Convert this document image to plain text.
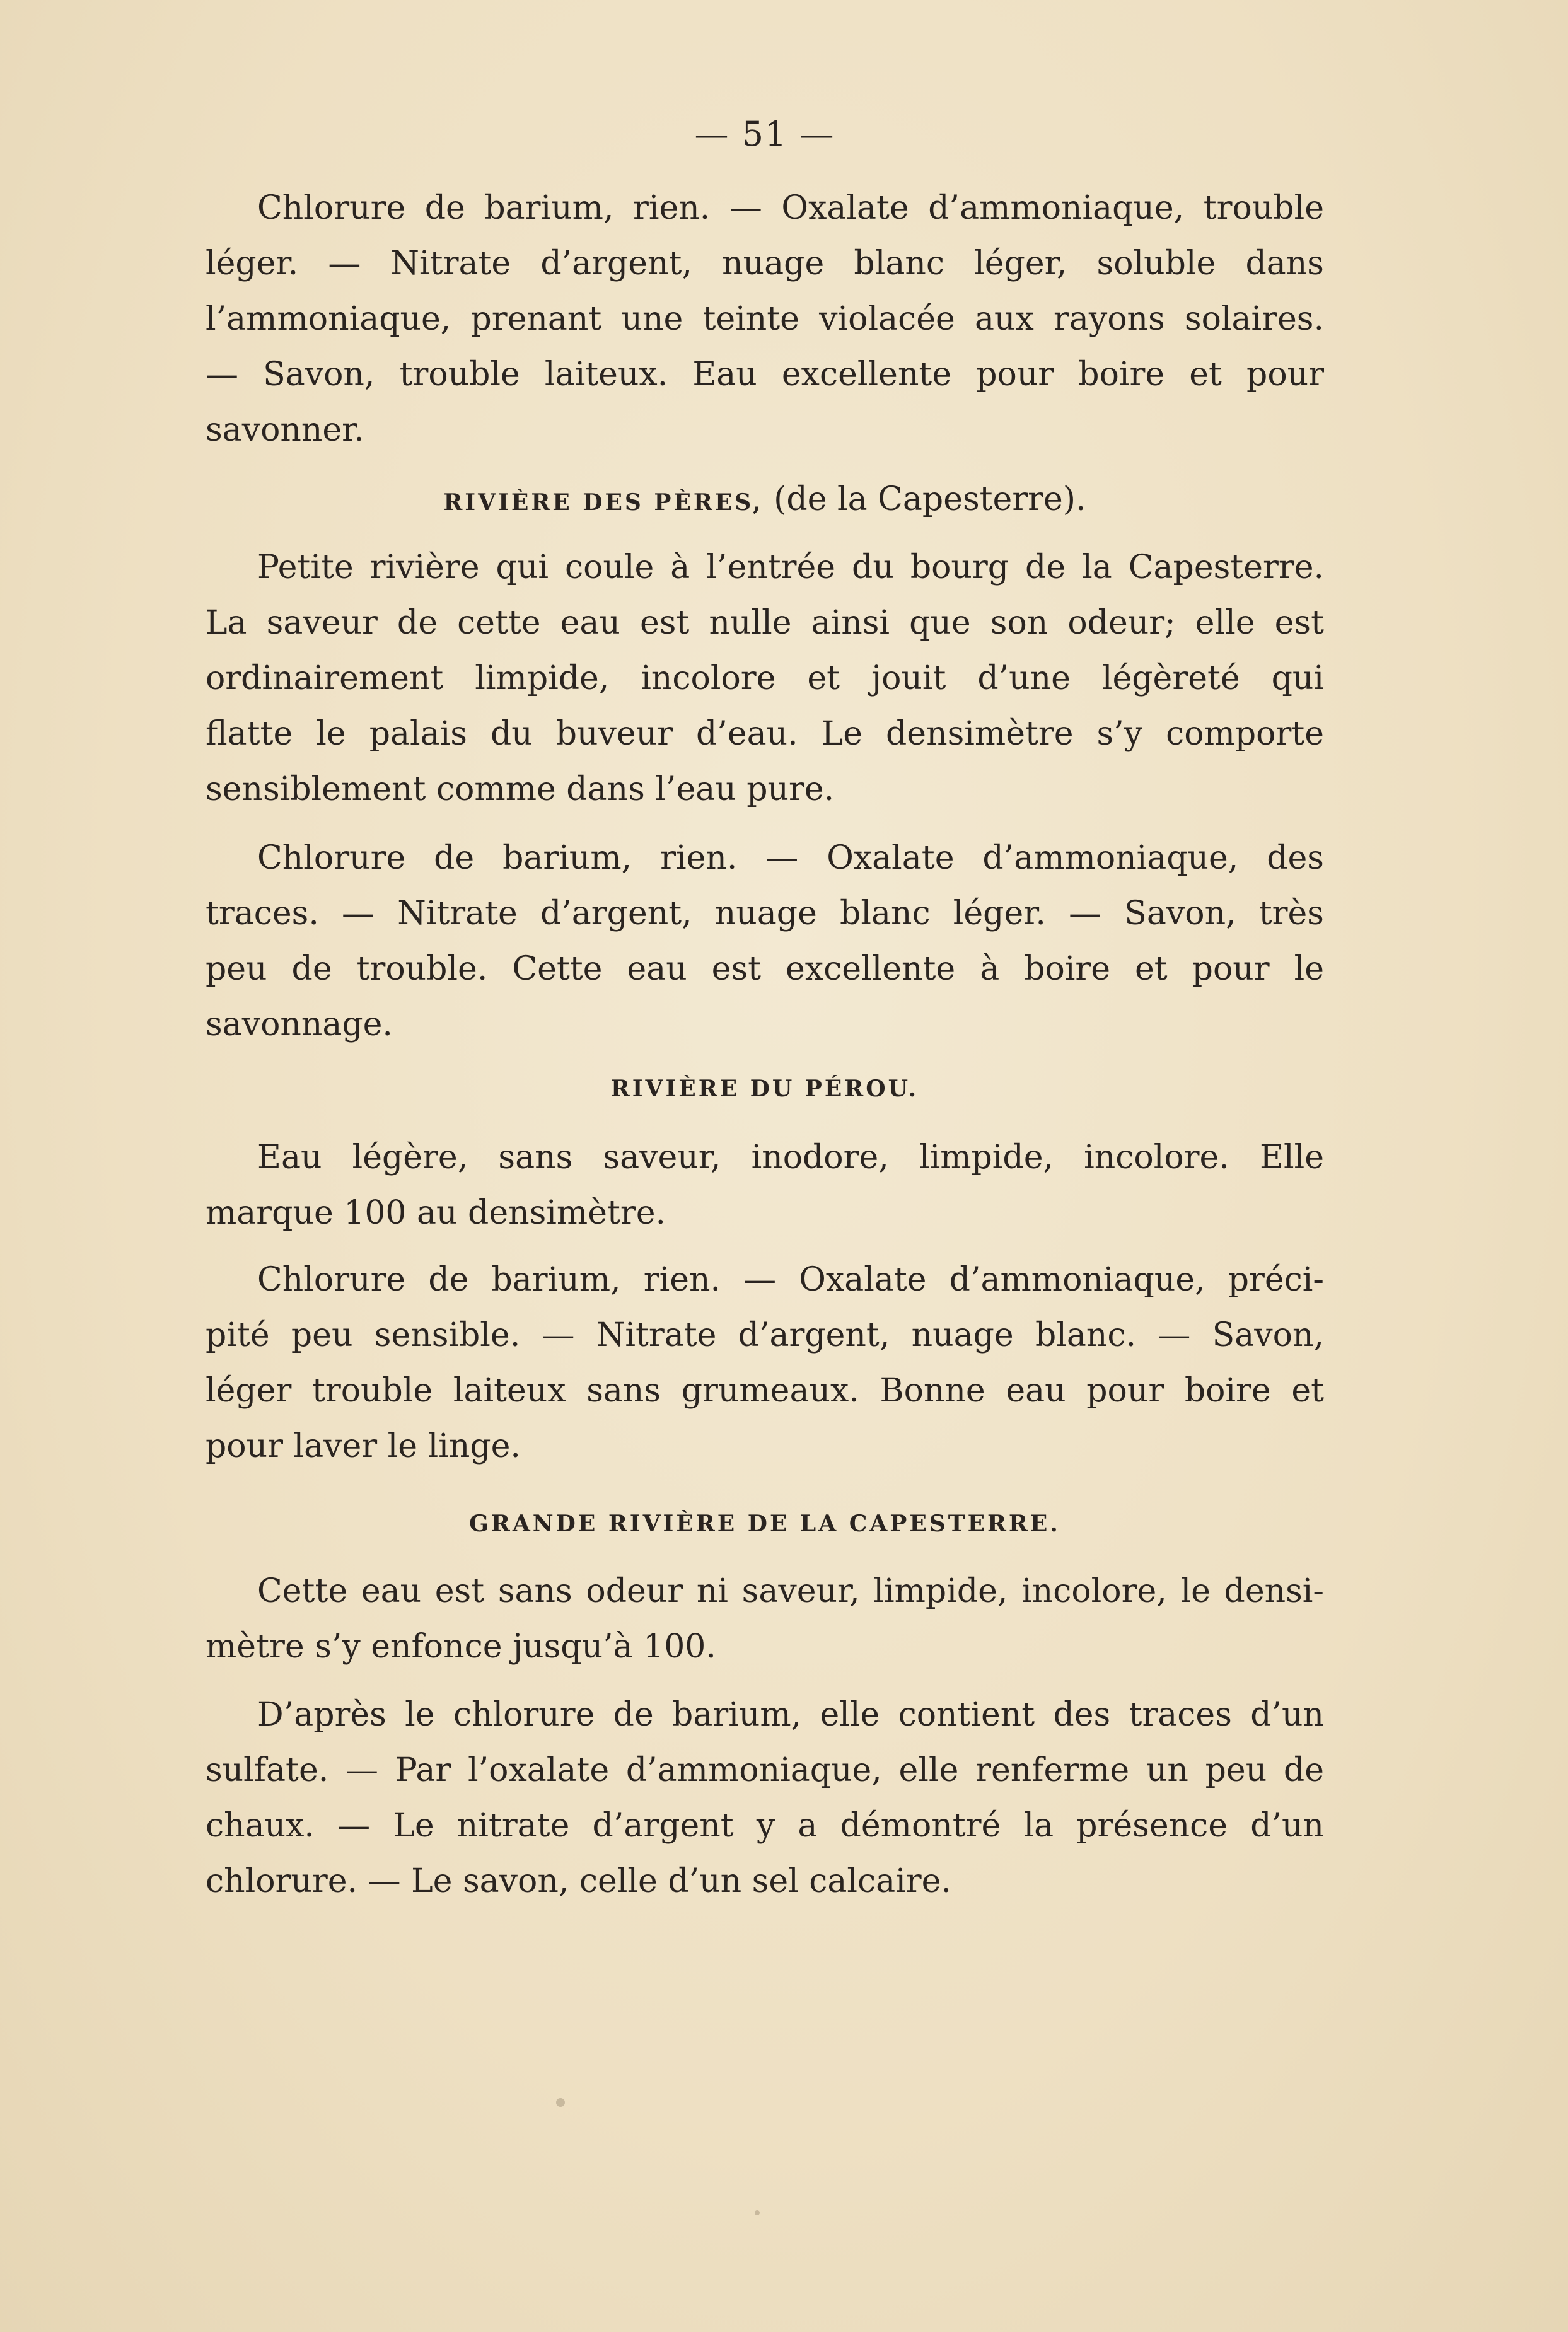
— 51 —
Chlorure de barium, rien. — Oxalate d’ammoniaque, trouble
léger. — Nitrate d’argent, nuage blanc léger, soluble dans
l’ammoniaque, prenant une teinte violacée aux rayons solaires.
— Savon, trouble laiteux. Eau excellente pour boire et pour
savonner.
RIVIÈRE DES PÈRES, (de la Capesterre).
Petite rivière qui coule à l’entrée du bourg de la Capesterre.
La saveur de cette eau est nulle ainsi que son odeur; elle est
ordinairement limpide, incolore et jouit d’une légèreté qui
flatte le palais du buveur d’eau. Le densimètre s’y comporte
sensiblement comme dans l’eau pure.
Chlorure de barium, rien. — Oxalate d’ammoniaque, des
traces. — Nitrate d’argent, nuage blanc léger. — Savon, très
peu de trouble. Cette eau est excellente à boire et pour le
savonnage.
RIVIÈRE DU PÉROU.
Eau légère, sans saveur, inodore, limpide, incolore. Elle
marque 100 au densimètre.
Chlorure de barium, rien. — Oxalate d’ammoniaque, préci-
pité peu sensible. — Nitrate d’argent, nuage blanc. — Savon,
léger trouble laiteux sans grumeaux. Bonne eau pour boire et
pour laver le linge.
GRANDE RIVIÈRE DE LA CAPESTERRE.
Cette eau est sans odeur ni saveur, limpide, incolore, le densi-
mètre s’y enfonce jusqu’à 100.
D’après le chlorure de barium, elle contient des traces d’un
sulfate. — Par l’oxalate d’ammoniaque, elle renferme un peu de
chaux. — Le nitrate d’argent y a démontré la présence d’un
chlorure. — Le savon, celle d’un sel calcaire.
